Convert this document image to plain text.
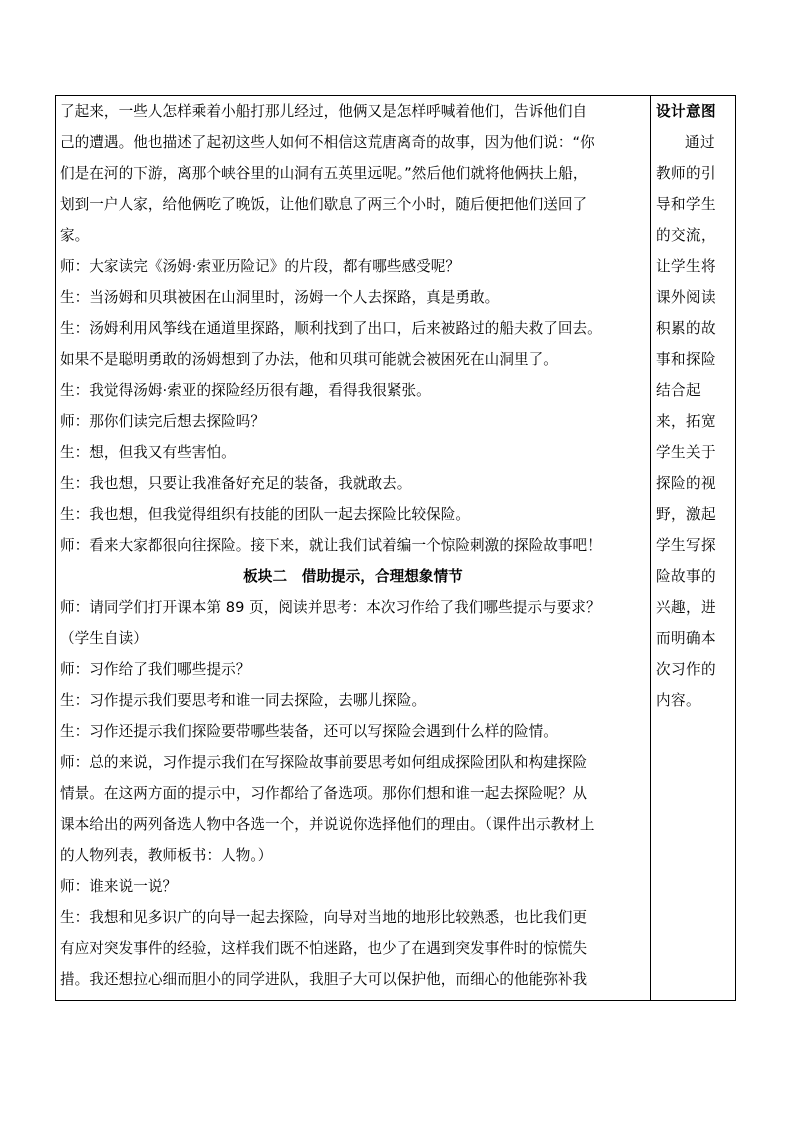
了起来，一些人怎样乘着小船打那儿经过，他俩又是怎样呼喊着他们，告诉他们自
己的遭遇。他也描述了起初这些人如何不相信这荒唐离奇的故事，因为他们说：“你
们是在河的下游，离那个峡谷里的山洞有五英里远呢。”然后他们就将他俩扶上船，
划到一户人家，给他俩吃了晚饭，让他们歇息了两三个小时，随后便把他们送回了
家。
师：大家读完《汤姆·索亚历险记》的片段，都有哪些感受呢？
生：当汤姆和贝琪被困在山洞里时，汤姆一个人去探路，真是勇敢。
生：汤姆利用风筝线在通道里探路，顺利找到了出口，后来被路过的船夫救了回去。
如果不是聪明勇敢的汤姆想到了办法，他和贝琪可能就会被困死在山洞里了。
生：我觉得汤姆·索亚的探险经历很有趣，看得我很紧张。
师：那你们读完后想去探险吗？
生：想，但我又有些害怕。
生：我也想，只要让我准备好充足的装备，我就敢去。
生：我也想，但我觉得组织有技能的团队一起去探险比较保险。
师：看来大家都很向往探险。接下来，就让我们试着编一个惊险刺激的探险故事吧！
板块二　借助提示，合理想象情节
师：请同学们打开课本第 89 页，阅读并思考：本次习作给了我们哪些提示与要求？
（学生自读）
师：习作给了我们哪些提示？
生：习作提示我们要思考和谁一同去探险，去哪儿探险。
生：习作还提示我们探险要带哪些装备，还可以写探险会遇到什么样的险情。
师：总的来说，习作提示我们在写探险故事前要思考如何组成探险团队和构建探险
情景。在这两方面的提示中，习作都给了备选项。那你们想和谁一起去探险呢？从
课本给出的两列备选人物中各选一个，并说说你选择他们的理由。（课件出示教材上
的人物列表，教师板书：人物。）
师：谁来说一说？
生：我想和见多识广的向导一起去探险，向导对当地的地形比较熟悉，也比我们更
有应对突发事件的经验，这样我们既不怕迷路，也少了在遇到突发事件时的惊慌失
措。我还想拉心细而胆小的同学进队，我胆子大可以保护他，而细心的他能弥补我
设计意图
通过
教师的引
导和学生
的交流，
让学生将
课外阅读
积累的故
事和探险
结合起
来，拓宽
学生关于
探险的视
野，激起
学生写探
险故事的
兴趣，进
而明确本
次习作的
内容。
